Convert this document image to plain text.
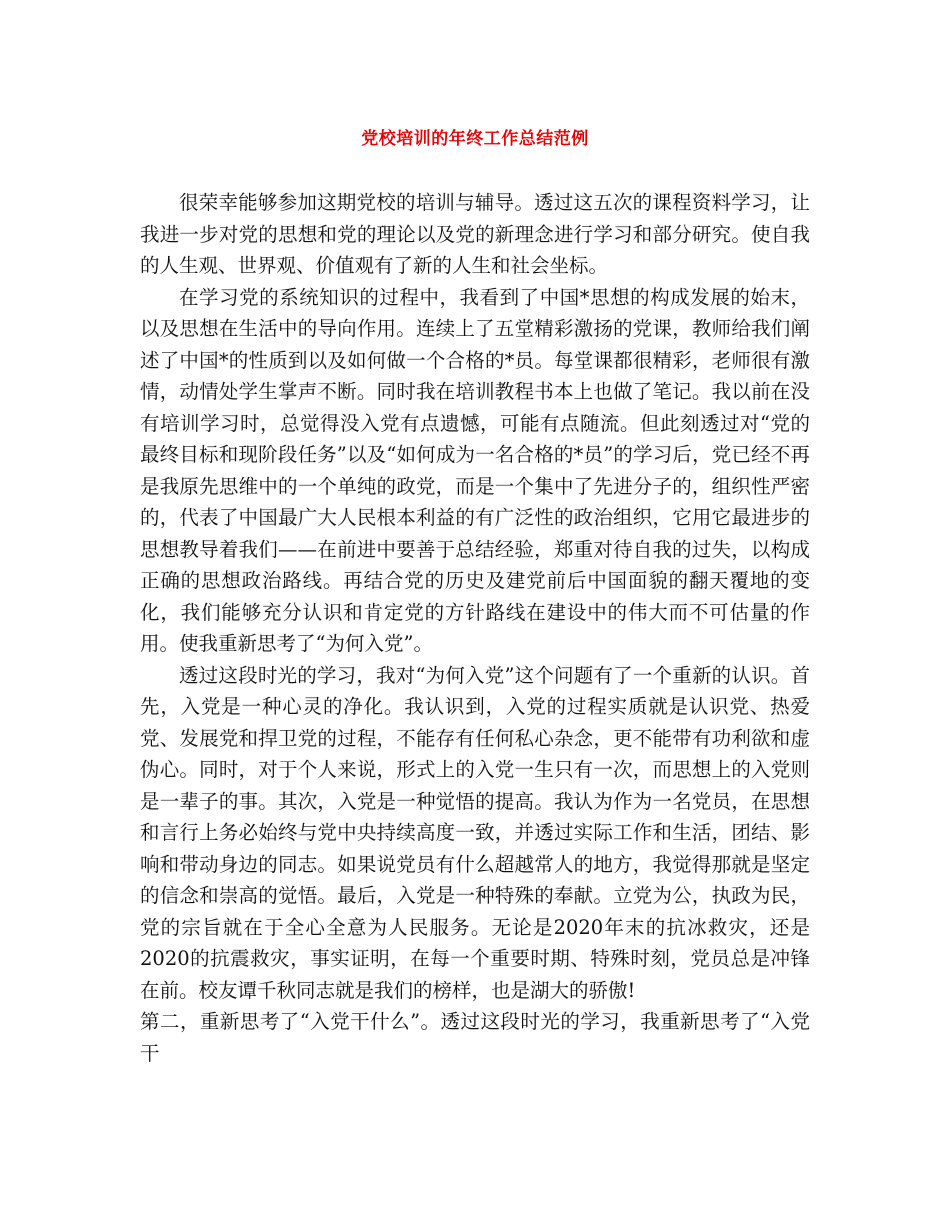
党校培训的年终工作总结范例

很荣幸能够参加这期党校的培训与辅导。透过这五次的课程资料学习，让我进一步对党的思想和党的理论以及党的新理念进行学习和部分研究。使自我的人生观、世界观、价值观有了新的人生和社会坐标。

在学习党的系统知识的过程中，我看到了中国*思想的构成发展的始末，以及思想在生活中的导向作用。连续上了五堂精彩激扬的党课，教师给我们阐述了中国*的性质到以及如何做一个合格的*员。每堂课都很精彩，老师很有激情，动情处学生掌声不断。同时我在培训教程书本上也做了笔记。我以前在没有培训学习时，总觉得没入党有点遗憾，可能有点随流。但此刻透过对“党的最终目标和现阶段任务”以及“如何成为一名合格的*员”的学习后，党已经不再是我原先思维中的一个单纯的政党，而是一个集中了先进分子的，组织性严密的，代表了中国最广大人民根本利益的有广泛性的政治组织，它用它最进步的思想教导着我们——在前进中要善于总结经验，郑重对待自我的过失，以构成正确的思想政治路线。再结合党的历史及建党前后中国面貌的翻天覆地的变化，我们能够充分认识和肯定党的方针路线在建设中的伟大而不可估量的作用。使我重新思考了“为何入党”。

透过这段时光的学习，我对“为何入党”这个问题有了一个重新的认识。首先，入党是一种心灵的净化。我认识到，入党的过程实质就是认识党、热爱党、发展党和捍卫党的过程，不能存有任何私心杂念，更不能带有功利欲和虚伪心。同时，对于个人来说，形式上的入党一生只有一次，而思想上的入党则是一辈子的事。其次，入党是一种觉悟的提高。我认为作为一名党员，在思想和言行上务必始终与党中央持续高度一致，并透过实际工作和生活，团结、影响和带动身边的同志。如果说党员有什么超越常人的地方，我觉得那就是坚定的信念和崇高的觉悟。最后，入党是一种特殊的奉献。立党为公，执政为民，党的宗旨就在于全心全意为人民服务。无论是2020年末的抗冰救灾，还是2020的抗震救灾，事实证明，在每一个重要时期、特殊时刻，党员总是冲锋在前。校友谭千秋同志就是我们的榜样，也是湖大的骄傲!

第二，重新思考了“入党干什么”。透过这段时光的学习，我重新思考了“入党干
